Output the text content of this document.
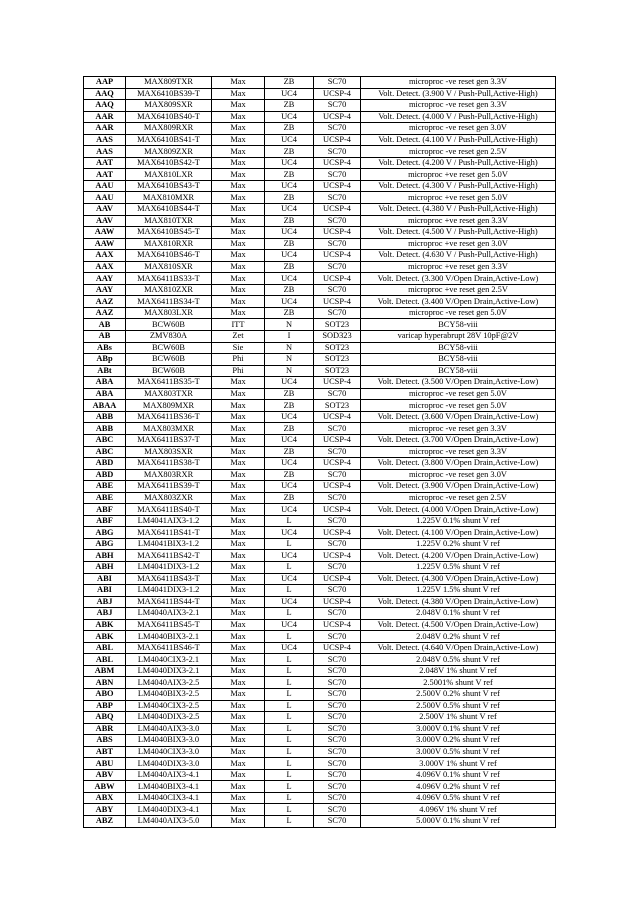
AAP	MAX809TXR	Max	ZB	SC70	microproc -ve reset gen 3.3V
AAQ	MAX6410BS39-T	Max	UC4	UCSP-4	Volt. Detect. (3.900 V / Push-Pull,Active-High)
AAQ	MAX809SXR	Max	ZB	SC70	microproc -ve reset gen 3.3V
AAR	MAX6410BS40-T	Max	UC4	UCSP-4	Volt. Detect. (4.000 V / Push-Pull,Active-High)
AAR	MAX809RXR	Max	ZB	SC70	microproc -ve reset gen 3.0V
AAS	MAX6410BS41-T	Max	UC4	UCSP-4	Volt. Detect. (4.100 V / Push-Pull,Active-High)
AAS	MAX809ZXR	Max	ZB	SC70	microproc -ve reset gen 2.5V
AAT	MAX6410BS42-T	Max	UC4	UCSP-4	Volt. Detect. (4.200 V / Push-Pull,Active-High)
AAT	MAX810LXR	Max	ZB	SC70	microproc +ve reset gen 5.0V
AAU	MAX6410BS43-T	Max	UC4	UCSP-4	Volt. Detect. (4.300 V / Push-Pull,Active-High)
AAU	MAX810MXR	Max	ZB	SC70	microproc +ve reset gen 5.0V
AAV	MAX6410BS44-T	Max	UC4	UCSP-4	Volt. Detect. (4.380 V / Push-Pull,Active-High)
AAV	MAX810TXR	Max	ZB	SC70	microproc +ve reset gen 3.3V
AAW	MAX6410BS45-T	Max	UC4	UCSP-4	Volt. Detect. (4.500 V / Push-Pull,Active-High)
AAW	MAX810RXR	Max	ZB	SC70	microproc +ve reset gen 3.0V
AAX	MAX6410BS46-T	Max	UC4	UCSP-4	Volt. Detect. (4.630 V / Push-Pull,Active-High)
AAX	MAX810SXR	Max	ZB	SC70	microproc +ve reset gen 3.3V
AAY	MAX6411BS33-T	Max	UC4	UCSP-4	Volt. Detect. (3.300 V/Open Drain,Active-Low)
AAY	MAX810ZXR	Max	ZB	SC70	microproc +ve reset gen 2.5V
AAZ	MAX6411BS34-T	Max	UC4	UCSP-4	Volt. Detect. (3.400 V/Open Drain,Active-Low)
AAZ	MAX803LXR	Max	ZB	SC70	microproc -ve reset gen 5.0V
AB	BCW60B	ITT	N	SOT23	BCY58-viii
AB	ZMV830A	Zet	I	SOD323	varicap hyperabrupt 28V 10pF@2V
ABs	BCW60B	Sie	N	SOT23	BCY58-viii
ABp	BCW60B	Phi	N	SOT23	BCY58-viii
ABt	BCW60B	Phi	N	SOT23	BCY58-viii
ABA	MAX6411BS35-T	Max	UC4	UCSP-4	Volt. Detect. (3.500 V/Open Drain,Active-Low)
ABA	MAX803TXR	Max	ZB	SC70	microproc -ve reset gen 5.0V
ABAA	MAX809MXR	Max	ZB	SOT23	microproc -ve reset gen 5.0V
ABB	MAX6411BS36-T	Max	UC4	UCSP-4	Volt. Detect. (3.600 V/Open Drain,Active-Low)
ABB	MAX803MXR	Max	ZB	SC70	microproc -ve reset gen 3.3V
ABC	MAX6411BS37-T	Max	UC4	UCSP-4	Volt. Detect. (3.700 V/Open Drain,Active-Low)
ABC	MAX803SXR	Max	ZB	SC70	microproc -ve reset gen 3.3V
ABD	MAX6411BS38-T	Max	UC4	UCSP-4	Volt. Detect. (3.800 V/Open Drain,Active-Low)
ABD	MAX803RXR	Max	ZB	SC70	microproc -ve reset gen 3.0V
ABE	MAX6411BS39-T	Max	UC4	UCSP-4	Volt. Detect. (3.900 V/Open Drain,Active-Low)
ABE	MAX803ZXR	Max	ZB	SC70	microproc -ve reset gen 2.5V
ABF	MAX6411BS40-T	Max	UC4	UCSP-4	Volt. Detect. (4.000 V/Open Drain,Active-Low)
ABF	LM4041AIX3-1.2	Max	L	SC70	1.225V 0.1% shunt V ref
ABG	MAX6411BS41-T	Max	UC4	UCSP-4	Volt. Detect. (4.100 V/Open Drain,Active-Low)
ABG	LM4041BIX3-1.2	Max	L	SC70	1.225V 0.2% shunt V ref
ABH	MAX6411BS42-T	Max	UC4	UCSP-4	Volt. Detect. (4.200 V/Open Drain,Active-Low)
ABH	LM4041DIX3-1.2	Max	L	SC70	1.225V 0.5% shunt V ref
ABI	MAX6411BS43-T	Max	UC4	UCSP-4	Volt. Detect. (4.300 V/Open Drain,Active-Low)
ABI	LM4041DIX3-1.2	Max	L	SC70	1.225V 1.5% shunt V ref
ABJ	MAX6411BS44-T	Max	UC4	UCSP-4	Volt. Detect. (4.380 V/Open Drain,Active-Low)
ABJ	LM4040AIX3-2.1	Max	L	SC70	2.048V 0.1% shunt V ref
ABK	MAX6411BS45-T	Max	UC4	UCSP-4	Volt. Detect. (4.500 V/Open Drain,Active-Low)
ABK	LM4040BIX3-2.1	Max	L	SC70	2.048V 0.2% shunt V ref
ABL	MAX6411BS46-T	Max	UC4	UCSP-4	Volt. Detect. (4.640 V/Open Drain,Active-Low)
ABL	LM4040CIX3-2.1	Max	L	SC70	2.048V 0.5% shunt V ref
ABM	LM4040DIX3-2.1	Max	L	SC70	2.048V 1% shunt V ref
ABN	LM4040AIX3-2.5	Max	L	SC70	2.5001% shunt V ref
ABO	LM4040BIX3-2.5	Max	L	SC70	2.500V 0.2% shunt V ref
ABP	LM4040CIX3-2.5	Max	L	SC70	2.500V 0.5% shunt V ref
ABQ	LM4040DIX3-2.5	Max	L	SC70	2.500V 1% shunt V ref
ABR	LM4040AIX3-3.0	Max	L	SC70	3.000V 0.1% shunt V ref
ABS	LM4040BIX3-3.0	Max	L	SC70	3.000V 0.2% shunt V ref
ABT	LM4040CIX3-3.0	Max	L	SC70	3.000V 0.5% shunt V ref
ABU	LM4040DIX3-3.0	Max	L	SC70	3.000V 1% shunt V ref
ABV	LM4040AIX3-4.1	Max	L	SC70	4.096V 0.1% shunt V ref
ABW	LM4040BIX3-4.1	Max	L	SC70	4.096V 0.2% shunt V ref
ABX	LM4040CIX3-4.1	Max	L	SC70	4.096V 0.5% shunt V ref
ABY	LM4040DIX3-4.1	Max	L	SC70	4.096V 1% shunt V ref
ABZ	LM4040AIX3-5.0	Max	L	SC70	5.000V 0.1% shunt V ref
